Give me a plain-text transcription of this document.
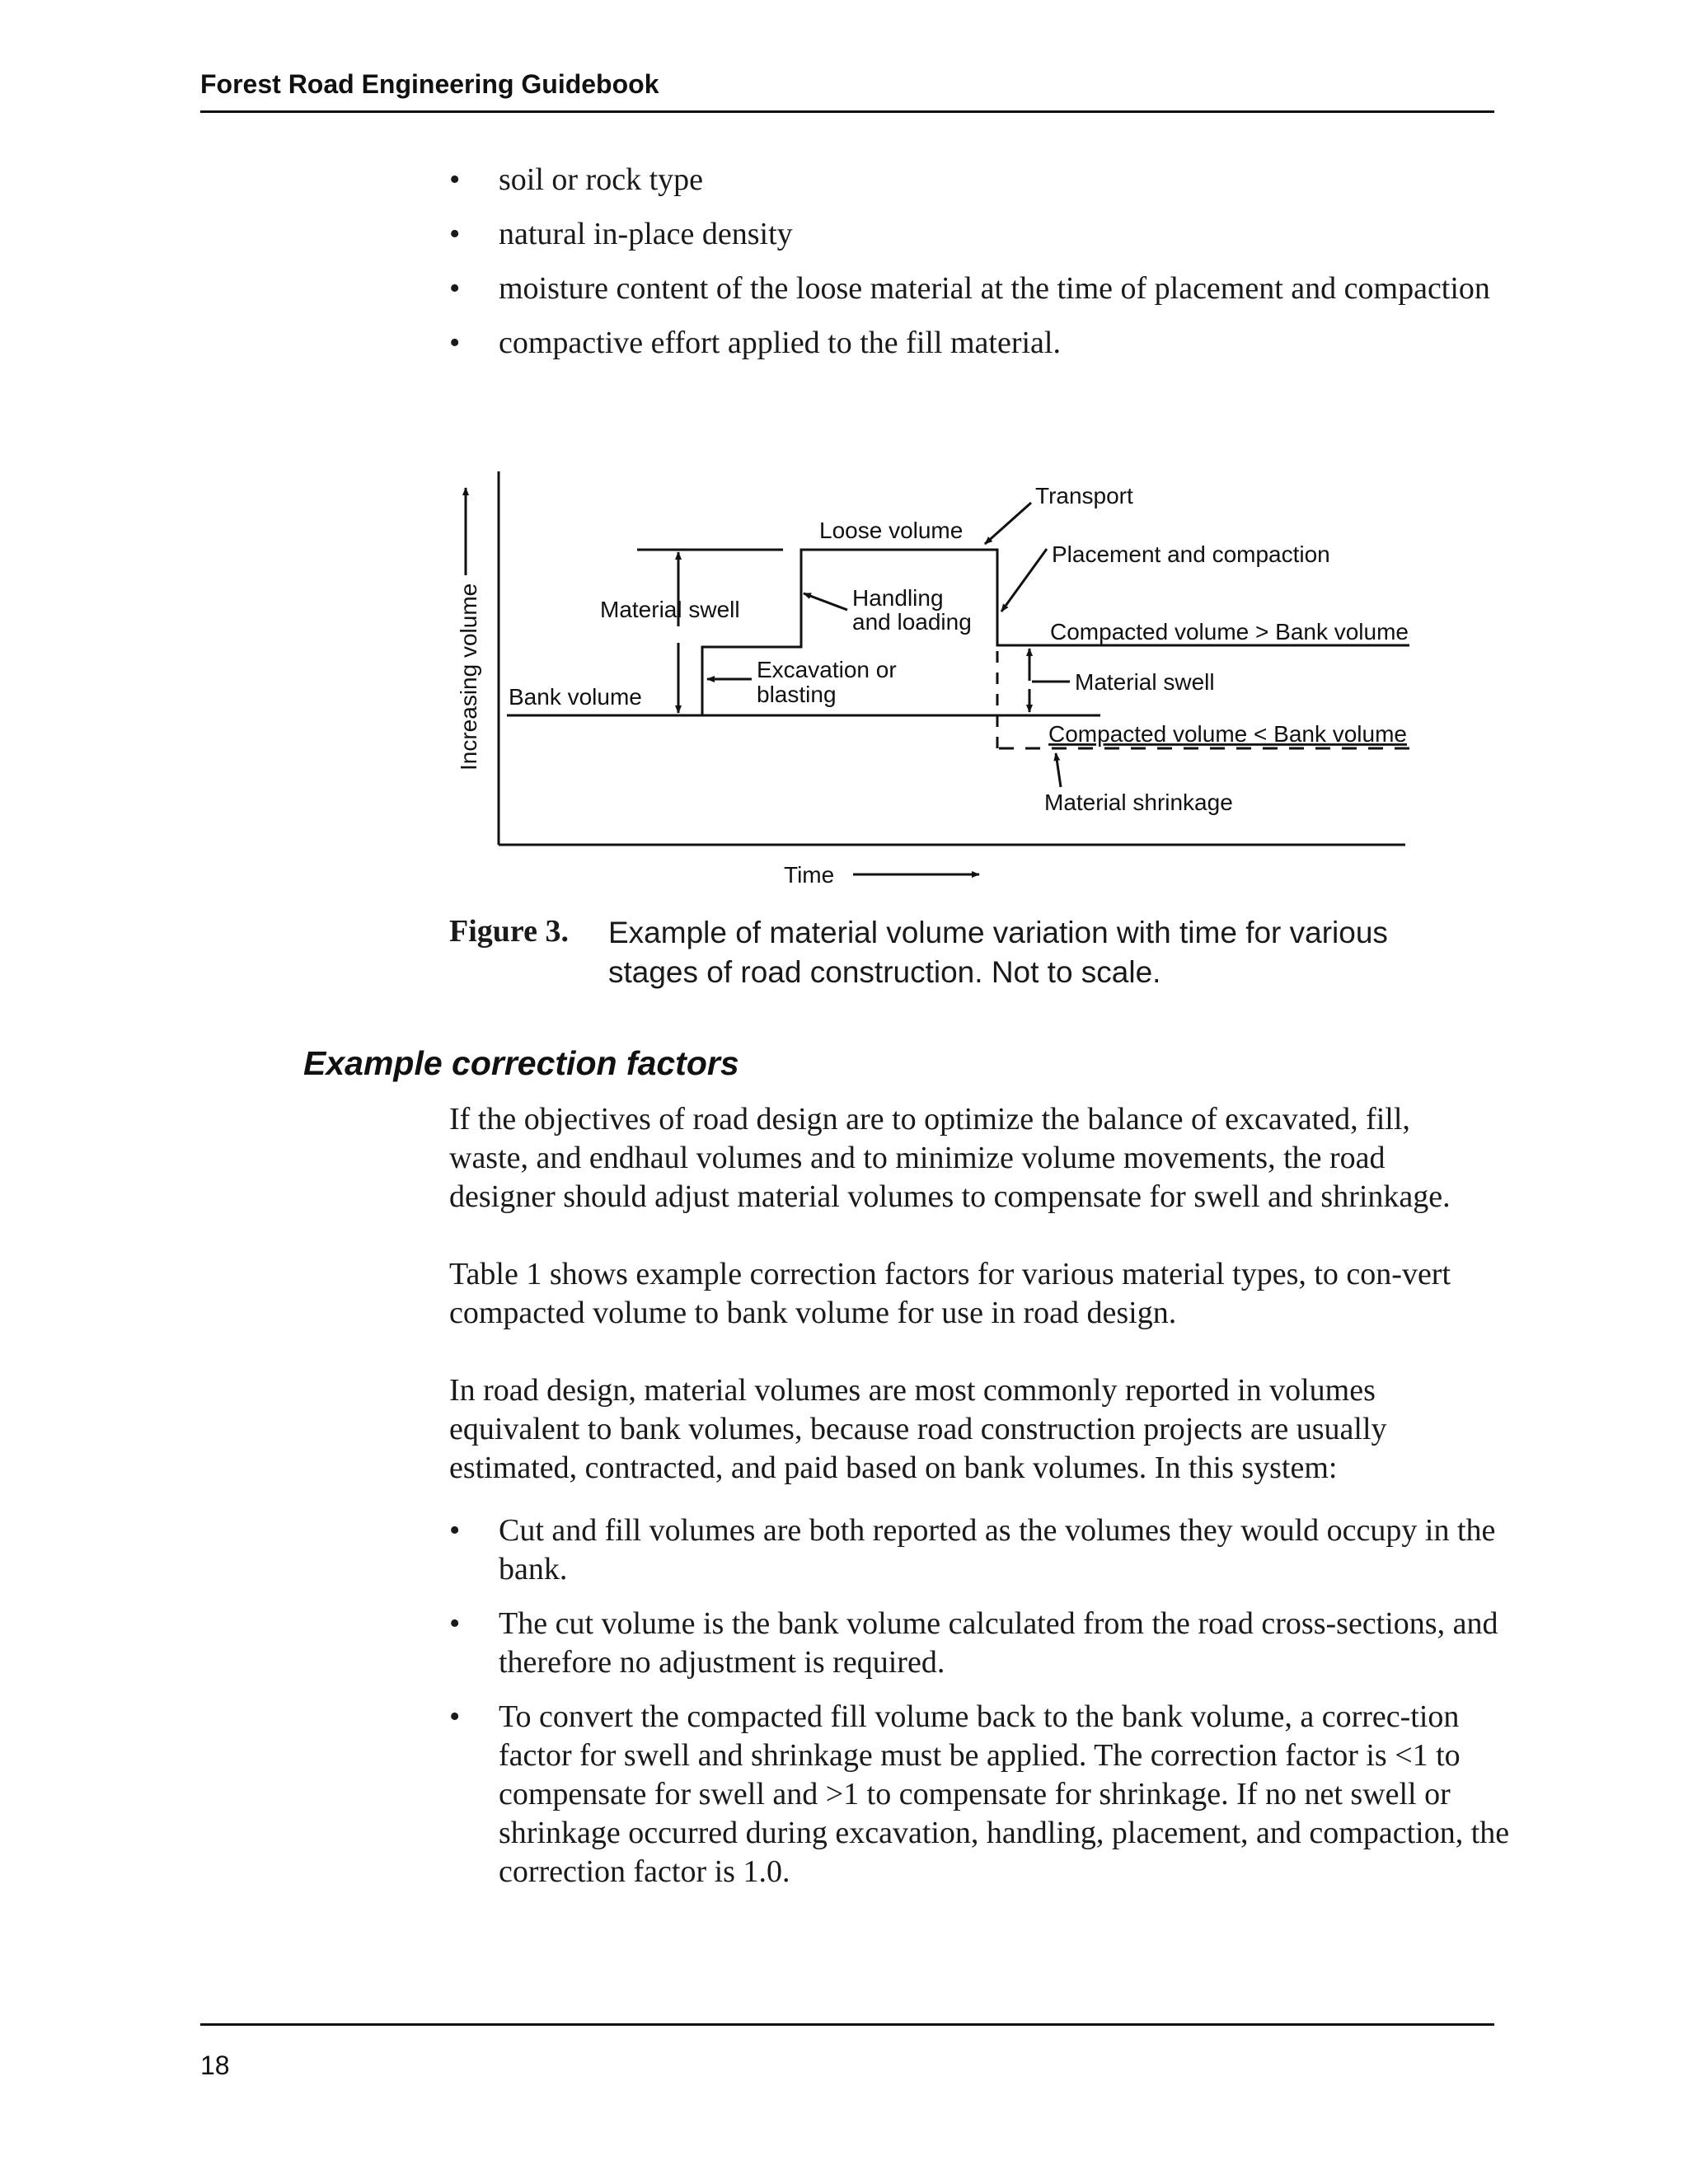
Forest Road Engineering Guidebook
• soil or rock type
• natural in-place density
• moisture content of the loose material at the time of placement and compaction
• compactive effort applied to the fill material.
Increasing volume
Time
Transport
Loose volume
Placement and compaction
Handling
and loading
Material swell
Compacted volume > Bank volume
Excavation or
blasting	Material swell
Bank volume
Compacted volume < Bank volume
Material shrinkage
Figure 3. Example of material volume variation with time for various stages of road construction. Not to scale.
Example correction factors

If the objectives of road design are to optimize the balance of excavated, fill, waste, and endhaul volumes and to minimize volume movements, the road designer should adjust material volumes to compensate for swell and shrinkage.

Table 1 shows example correction factors for various material types, to con-vert compacted volume to bank volume for use in road design.

In road design, material volumes are most commonly reported in volumes equivalent to bank volumes, because road construction projects are usually estimated, contracted, and paid based on bank volumes. In this system:

• Cut and fill volumes are both reported as the volumes they would occupy in the bank.
• The cut volume is the bank volume calculated from the road cross-sections, and therefore no adjustment is required.
• To convert the compacted fill volume back to the bank volume, a correc-tion factor for swell and shrinkage must be applied. The correction factor is <1 to compensate for swell and >1 to compensate for shrinkage. If no net swell or shrinkage occurred during excavation, handling, placement, and compaction, the correction factor is 1.0.
18
